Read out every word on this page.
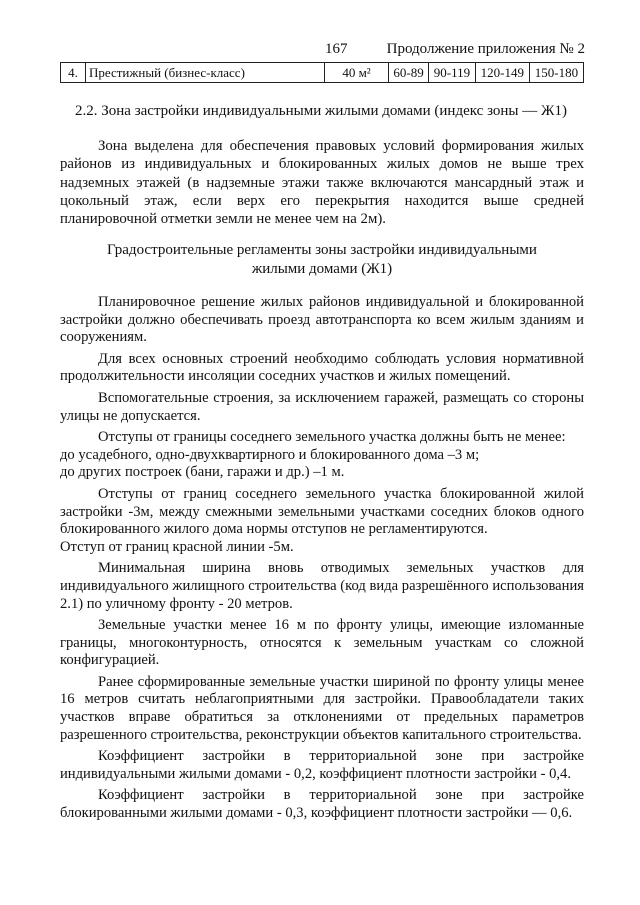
167	Продолжение приложения № 2
4.	Престижный (бизнес-класс)	40 м²	60-89	90-119	120-149	150-180
2.2. Зона застройки индивидуальными жилыми домами (индекс зоны — Ж1)

Зона выделена для обеспечения правовых условий формирования жилых районов из индивидуальных и блокированных жилых домов не выше трех надземных этажей (в надземные этажи также включаются мансардный этаж и цокольный этаж, если верх его перекрытия находится выше средней планировочной отметки земли не менее чем на 2м).

Градостроительные регламенты зоны застройки индивидуальными
жилыми домами (Ж1)

Планировочное решение жилых районов индивидуальной и блокированной застройки должно обеспечивать проезд автотранспорта ко всем жилым зданиям и сооружениям.

Для всех основных строений необходимо соблюдать условия нормативной продолжительности инсоляции соседних участков и жилых помещений.

Вспомогательные строения, за исключением гаражей, размещать со стороны улицы не допускается.

Отступы от границы соседнего земельного участка должны быть не менее:

до усадебного, одно-двухквартирного и блокированного дома –3 м;

до других построек (бани, гаражи и др.) –1 м.

Отступы от границ соседнего земельного участка блокированной жилой застройки -3м, между смежными земельными участками соседних блоков одного блокированного жилого дома нормы отступов не регламентируются.

Отступ от границ красной линии -5м.

Минимальная ширина вновь отводимых земельных участков для индивидуального жилищного строительства (код вида разрешённого использования 2.1) по уличному фронту - 20 метров.

Земельные участки менее 16 м по фронту улицы, имеющие изломанные границы, многоконтурность, относятся к земельным участкам со сложной конфигурацией.

Ранее сформированные земельные участки шириной по фронту улицы менее 16 метров считать неблагоприятными для застройки. Правообладатели таких участков вправе обратиться за отклонениями от предельных параметров разрешенного строительства, реконструкции объектов капитального строительства.

Коэффициент застройки в территориальной зоне при застройке индивидуальными жилыми домами - 0,2, коэффициент плотности застройки - 0,4.

Коэффициент застройки в территориальной зоне при застройке блокированными жилыми домами - 0,3, коэффициент плотности застройки — 0,6.
